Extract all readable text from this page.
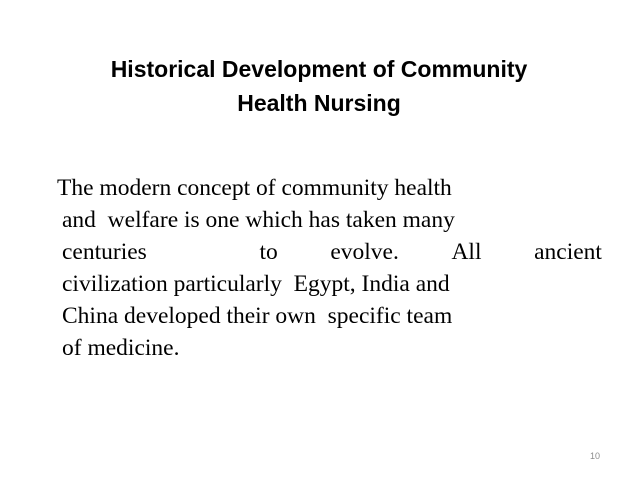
Historical Development of Community
Health Nursing
The modern concept of community health
and  welfare is one which has taken many
centuries	to evolve. All ancient
civilization particularly  Egypt, India and
China developed their own  specific team
of medicine.
10
